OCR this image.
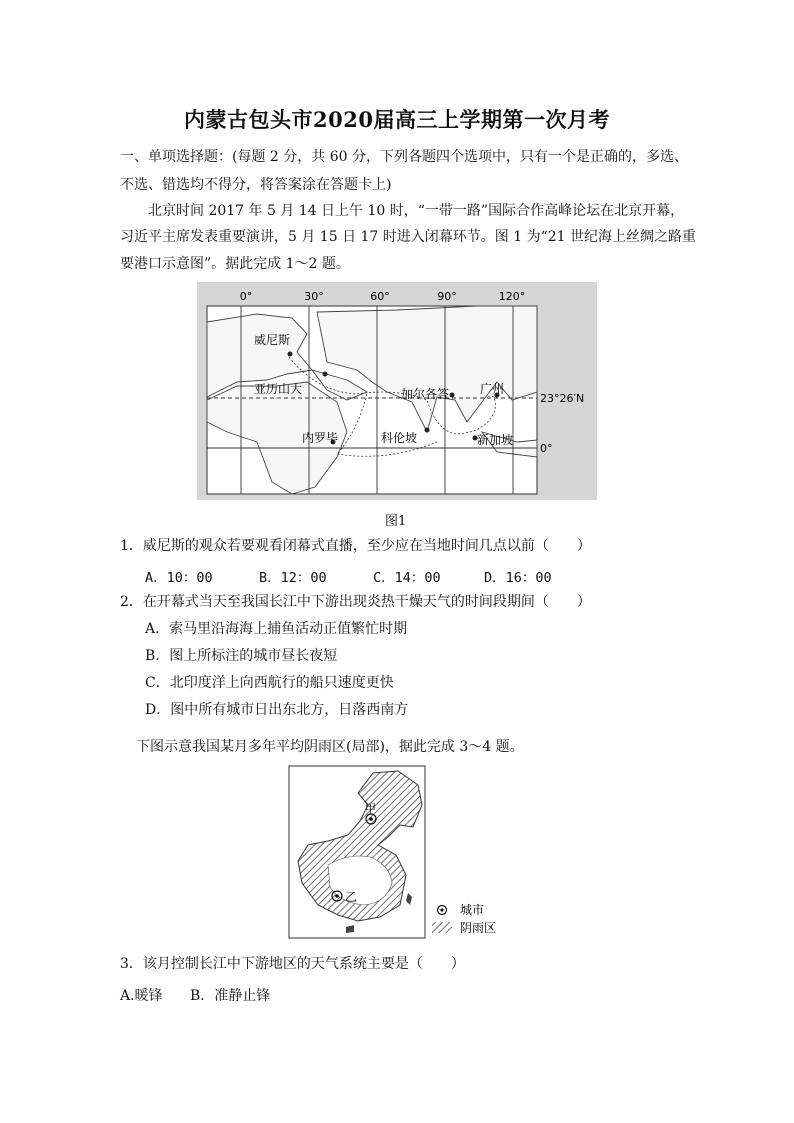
内蒙古包头市2020届高三上学期第一次月考
一、单项选择题：(每题 2 分，共 60 分，下列各题四个选项中，只有一个是正确的，多选、
不选、错选均不得分，将答案涂在答题卡上)
北京时间 2017 年 5 月 14 日上午 10 时，“一带一路”国际合作高峰论坛在北京开幕，
习近平主席发表重要演讲，5 月 15 日 17 时进入闭幕环节。图 1 为“21 世纪海上丝绸之路重
要港口示意图”。据此完成 1～2 题。
0°	30°	60°	90°	120°
23°26′N
0°
威尼斯
亚历山大	加尔各答	广州
内罗毕	科伦坡	新加坡
图1
1．威尼斯的观众若要观看闭幕式直播，至少应在当地时间几点以前（　　）
A．10：00	B．12：00	C．14：00	D．16：00
2．在开幕式当天至我国长江中下游出现炎热干燥天气的时间段期间（　　）
A．索马里沿海海上捕鱼活动正值繁忙时期
B．图上所标注的城市昼长夜短
C．北印度洋上向西航行的船只速度更快
D．图中所有城市日出东北方，日落西南方
下图示意我国某月多年平均阴雨区(局部)，据此完成 3～4 题。
甲
乙
城市
阴雨区
3．该月控制长江中下游地区的天气系统主要是（　　）
A.暖锋 B．准静止锋
